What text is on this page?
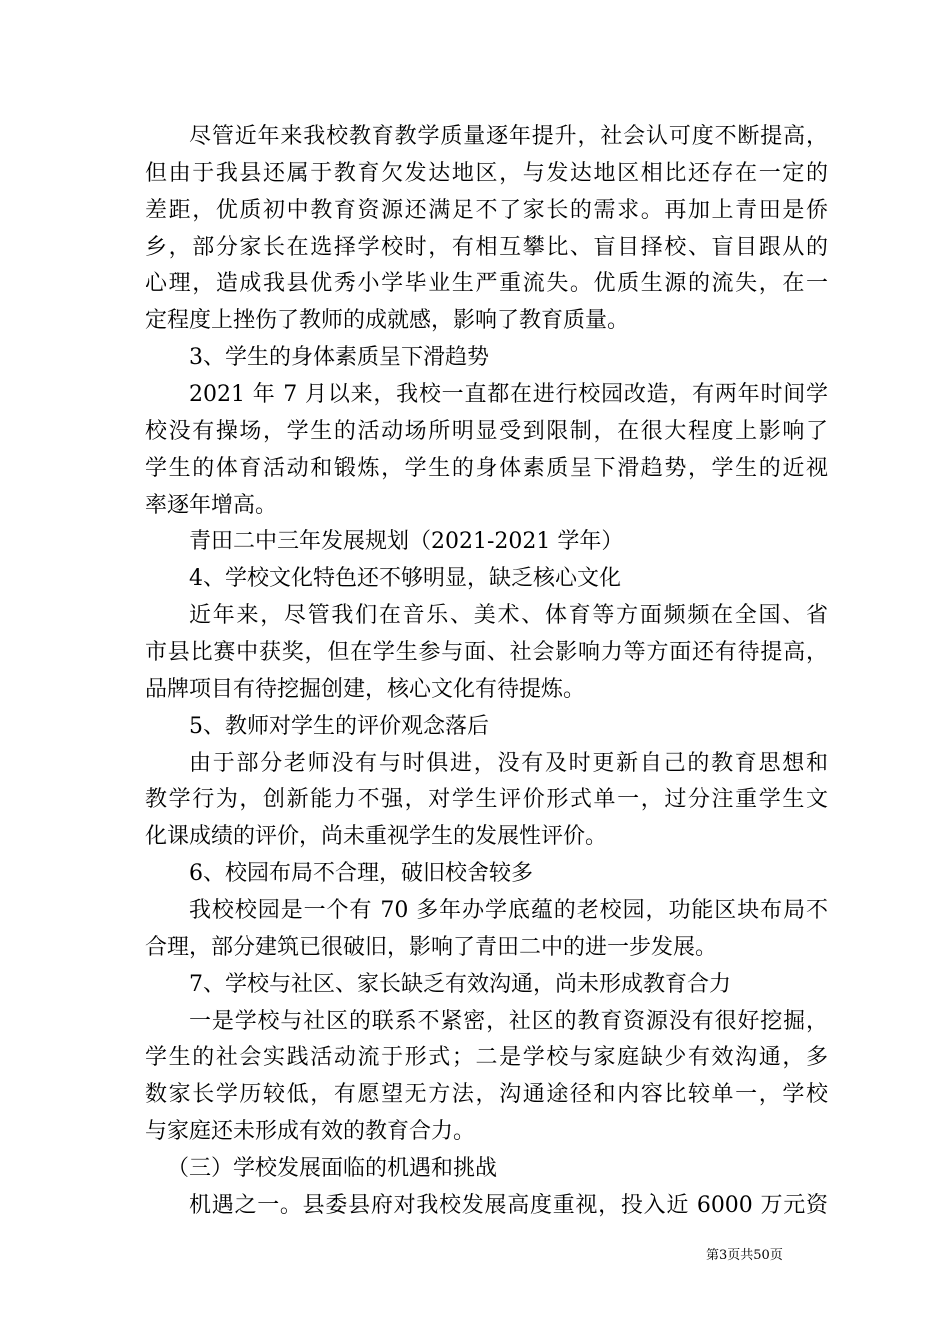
尽管近年来我校教育教学质量逐年提升，社会认可度不断提高，
但由于我县还属于教育欠发达地区，与发达地区相比还存在一定的
差距，优质初中教育资源还满足不了家长的需求。再加上青田是侨
乡，部分家长在选择学校时，有相互攀比、盲目择校、盲目跟从的
心理，造成我县优秀小学毕业生严重流失。优质生源的流失，在一
定程度上挫伤了教师的成就感，影响了教育质量。
3、学生的身体素质呈下滑趋势
2021 年 7 月以来，我校一直都在进行校园改造，有两年时间学
校没有操场，学生的活动场所明显受到限制，在很大程度上影响了
学生的体育活动和锻炼，学生的身体素质呈下滑趋势，学生的近视
率逐年增高。
青田二中三年发展规划（2021-2021 学年）
4、学校文化特色还不够明显，缺乏核心文化
近年来，尽管我们在音乐、美术、体育等方面频频在全国、省
市县比赛中获奖，但在学生参与面、社会影响力等方面还有待提高，
品牌项目有待挖掘创建，核心文化有待提炼。
5、教师对学生的评价观念落后
由于部分老师没有与时俱进，没有及时更新自己的教育思想和
教学行为，创新能力不强，对学生评价形式单一，过分注重学生文
化课成绩的评价，尚未重视学生的发展性评价。
6、校园布局不合理，破旧校舍较多
我校校园是一个有 70 多年办学底蕴的老校园，功能区块布局不
合理，部分建筑已很破旧，影响了青田二中的进一步发展。
7、学校与社区、家长缺乏有效沟通，尚未形成教育合力
一是学校与社区的联系不紧密，社区的教育资源没有很好挖掘，
学生的社会实践活动流于形式；二是学校与家庭缺少有效沟通，多
数家长学历较低，有愿望无方法，沟通途径和内容比较单一，学校
与家庭还未形成有效的教育合力。
（三）学校发展面临的机遇和挑战
机遇之一。县委县府对我校发展高度重视，投入近 6000 万元资
第3页共50页
